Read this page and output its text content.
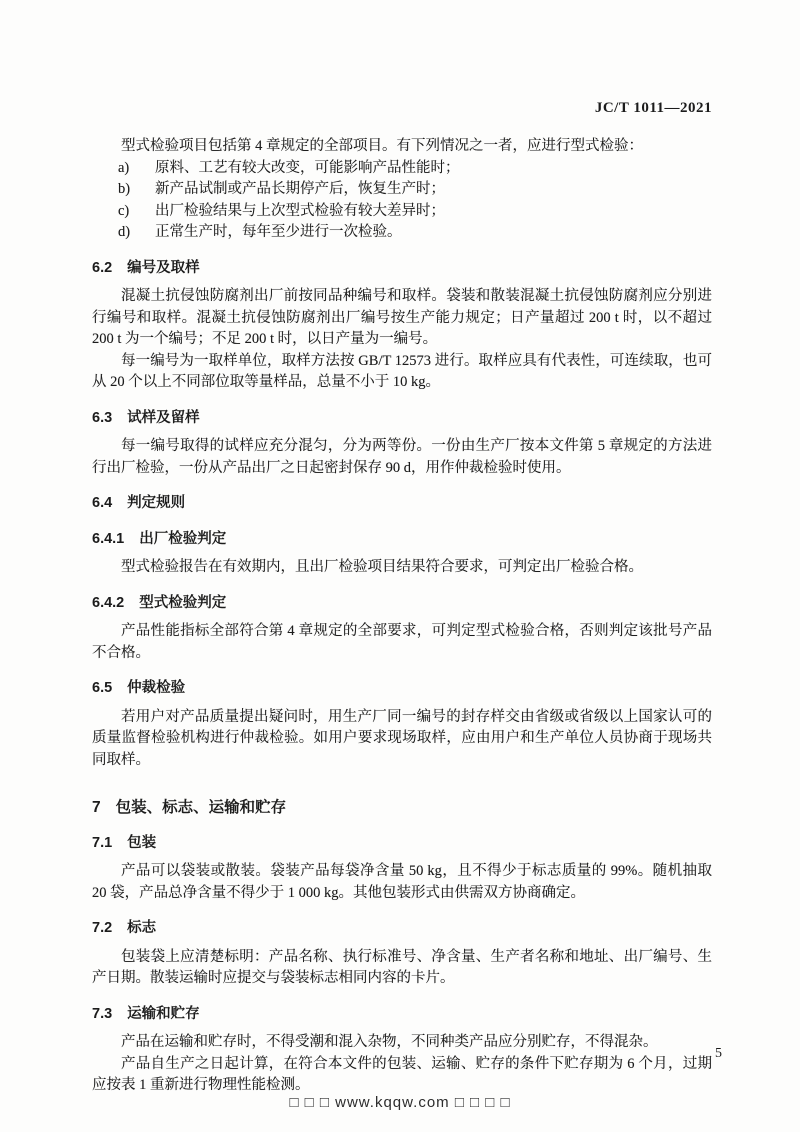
JC/T 1011—2021

型式检验项目包括第 4 章规定的全部项目。有下列情况之一者，应进行型式检验：

a)	原料、工艺有较大改变，可能影响产品性能时；
b)	新产品试制或产品长期停产后，恢复生产时；
c)	出厂检验结果与上次型式检验有较大差异时；
d)	正常生产时，每年至少进行一次检验。
6.2 编号及取样

混凝土抗侵蚀防腐剂出厂前按同品种编号和取样。袋装和散装混凝土抗侵蚀防腐剂应分别进行编号和取样。混凝土抗侵蚀防腐剂出厂编号按生产能力规定；日产量超过 200 t 时，以不超过 200 t 为一个编号；不足 200 t 时，以日产量为一编号。

每一编号为一取样单位，取样方法按 GB/T 12573 进行。取样应具有代表性，可连续取，也可从 20 个以上不同部位取等量样品，总量不小于 10 kg。

6.3 试样及留样

每一编号取得的试样应充分混匀，分为两等份。一份由生产厂按本文件第 5 章规定的方法进行出厂检验，一份从产品出厂之日起密封保存 90 d，用作仲裁检验时使用。

6.4 判定规则
6.4.1 出厂检验判定

型式检验报告在有效期内，且出厂检验项目结果符合要求，可判定出厂检验合格。

6.4.2 型式检验判定

产品性能指标全部符合第 4 章规定的全部要求，可判定型式检验合格，否则判定该批号产品不合格。

6.5 仲裁检验

若用户对产品质量提出疑问时，用生产厂同一编号的封存样交由省级或省级以上国家认可的质量监督检验机构进行仲裁检验。如用户要求现场取样，应由用户和生产单位人员协商于现场共同取样。

7 包装、标志、运输和贮存
7.1 包装

产品可以袋装或散装。袋装产品每袋净含量 50 kg，且不得少于标志质量的 99%。随机抽取 20 袋，产品总净含量不得少于 1 000 kg。其他包装形式由供需双方协商确定。

7.2 标志

包装袋上应清楚标明：产品名称、执行标准号、净含量、生产者名称和地址、出厂编号、生产日期。散装运输时应提交与袋装标志相同内容的卡片。

7.3 运输和贮存

产品在运输和贮存时，不得受潮和混入杂物，不同种类产品应分别贮存，不得混杂。

产品自生产之日起计算，在符合本文件的包装、运输、贮存的条件下贮存期为 6 个月，过期应按表 1 重新进行物理性能检测。

5
□ □ □ www.kqqw.com □ □ □ □
